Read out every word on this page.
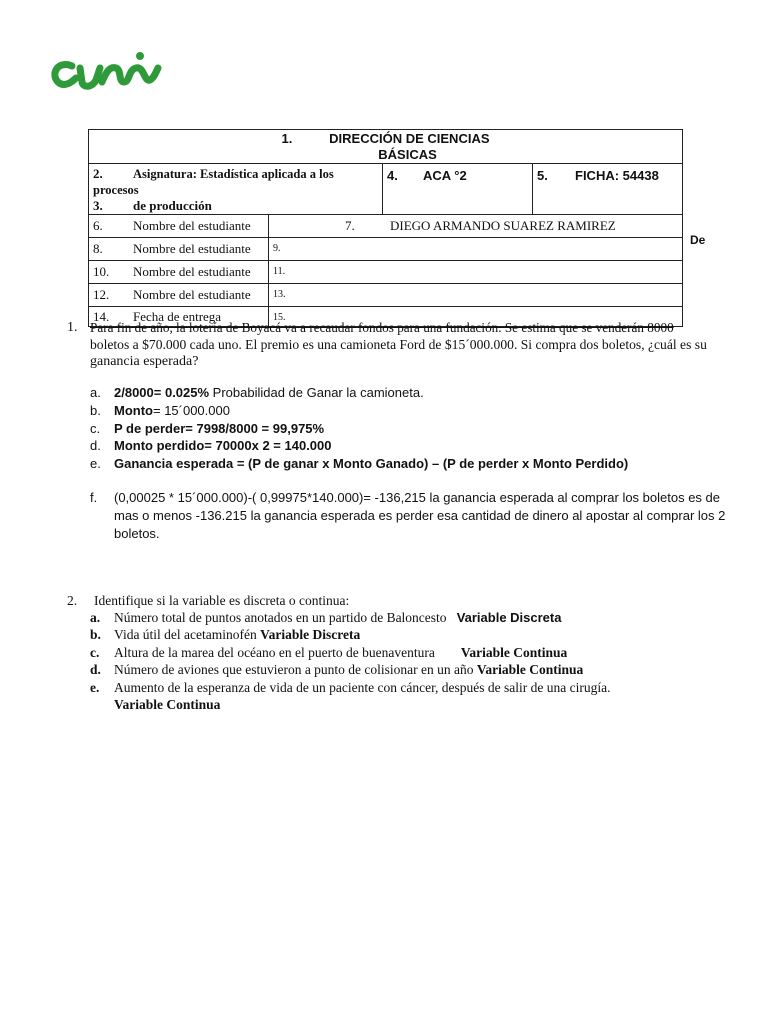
1. DIRECCIÓN DE CIENCIAS
BÁSICAS			
2. Asignatura: Estadística aplicada a los procesos
3. de producción		4. ACA °2	5. FICHA: 54438
6. Nombre del estudiante	7. DIEGO ARMANDO SUAREZ RAMIREZ		
8. Nombre del estudiante	9.		
10. Nombre del estudiante	11.		
12. Nombre del estudiante	13.		
14. Fecha de entrega	15.		
De
1. Para fin de año, la lotería de Boyacá va a recaudar fondos para una fundación. Se estima que se venderán 8000
boletos a $70.000 cada uno. El premio es una camioneta Ford de $15´000.000. Si compra dos boletos, ¿cuál es su
ganancia esperada?
a. 2/8000= 0.025% Probabilidad de Ganar la camioneta.
b. Monto= 15´000.000
c. P de perder= 7998/8000 = 99,975%
d. Monto perdido= 70000x 2 = 140.000
e. Ganancia esperada = (P de ganar x Monto Ganado) – (P de perder x Monto Perdido)
f. (0,00025 * 15´000.000)-( 0,99975*140.000)= -136,215 la ganancia esperada al comprar los boletos es de
mas o menos -136.215 la ganancia esperada es perder esa cantidad de dinero al apostar al comprar los 2
boletos.
2. Identifique si la variable es discreta o continua:
a. Número total de puntos anotados en un partido de Baloncesto Variable Discreta
b. Vida útil del acetaminofén Variable Discreta
c. Altura de la marea del océano en el puerto de buenaventura Variable Continua
d. Número de aviones que estuvieron a punto de colisionar en un año Variable Continua
e. Aumento de la esperanza de vida de un paciente con cáncer, después de salir de una cirugía.
Variable Continua
